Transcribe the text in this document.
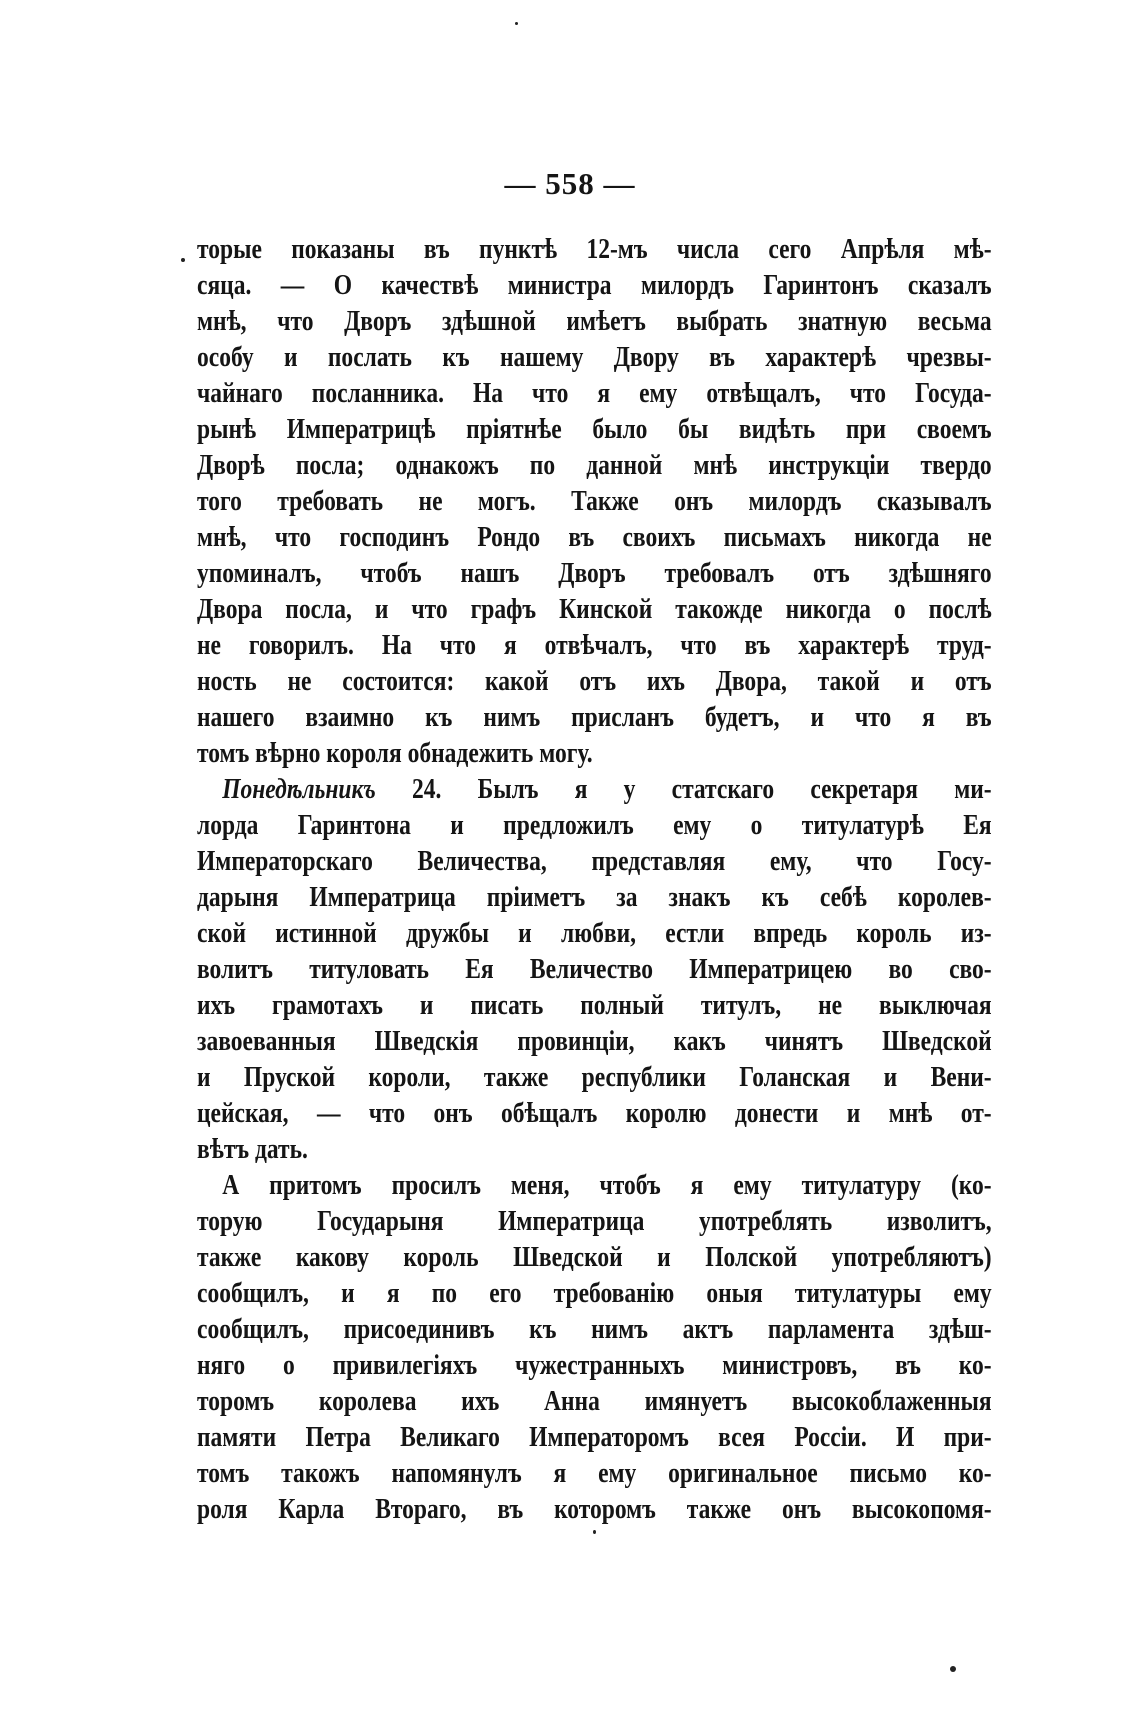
— 558 —
торые показаны въ пунктѣ 12-мъ числа сего Апрѣля мѣ-
сяца. — О качествѣ министра милордъ Гаринтонъ сказалъ
мнѣ, что Дворъ здѣшной имѣетъ выбрать знатную весьма
особу и послать къ нашему Двору въ характерѣ чрезвы-
чайнаго посланника. На что я ему отвѣщалъ, что Госуда-
рынѣ Императрицѣ пріятнѣе было бы видѣть при своемъ
Дворѣ посла; однакожъ по данной мнѣ инструкціи твердо
того требовать не могъ. Также онъ милордъ сказывалъ
мнѣ, что господинъ Рондо въ своихъ письмахъ никогда не
упоминалъ, чтобъ нашъ Дворъ требовалъ отъ здѣшняго
Двора посла, и что графъ Кинской такожде никогда о послѣ
не говорилъ. На что я отвѣчалъ, что въ характерѣ труд-
ность не состоится: какой отъ ихъ Двора, такой и отъ
нашего взаимно къ нимъ присланъ будетъ, и что я въ
томъ вѣрно короля обнадежить могу.
Понедѣльникъ 24. Былъ я у статскаго секретаря ми-
лорда Гаринтона и предложилъ ему о титулатурѣ Ея
Императорскаго Величества, представляя ему, что Госу-
дарыня Императрица пріиметъ за знакъ къ себѣ королев-
ской истинной дружбы и любви, естли впредь король из-
волитъ титуловать Ея Величество Императрицею во сво-
ихъ грамотахъ и писать полный титулъ, не выключая
завоеванныя Шведскія провинціи, какъ чинятъ Шведской
и Пруской короли, также республики Голанская и Вени-
цейская, — что онъ обѣщалъ королю донести и мнѣ от-
вѣтъ дать.
А притомъ просилъ меня, чтобъ я ему титулатуру (ко-
торую Государыня Императрица употреблять изволитъ,
также какову король Шведской и Полской употребляютъ)
сообщилъ, и я по его требованію оныя титулатуры ему
сообщилъ, присоединивъ къ нимъ актъ парламента здѣш-
няго о привилегіяхъ чужестранныхъ министровъ, въ ко-
торомъ королева ихъ Анна имянуетъ высокоблаженныя
памяти Петра Великаго Императоромъ всея Россіи. И при-
томъ такожъ напомянулъ я ему оригинальное письмо ко-
роля Карла Втораго, въ которомъ также онъ высокопомя-
